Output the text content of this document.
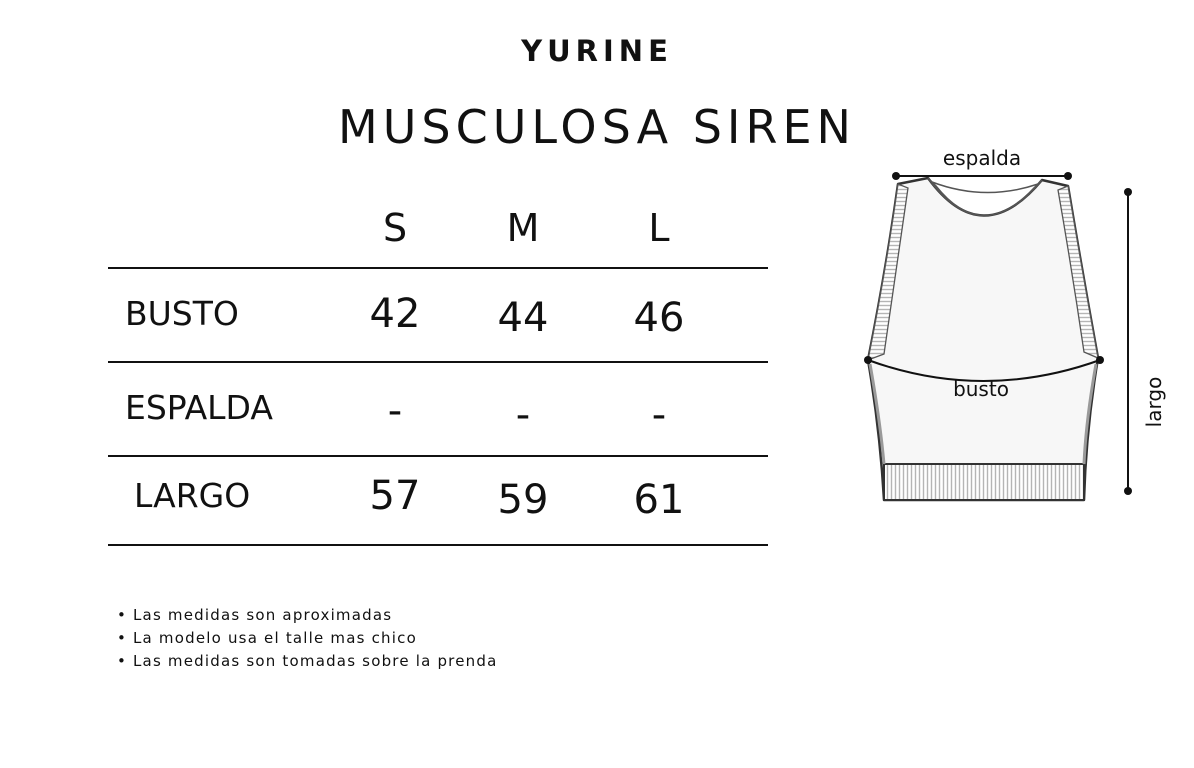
YURINE
MUSCULOSA SIREN
S	M	L
BUSTO	42	44	46
ESPALDA	-	-	-
LARGO	57	59	61
• Las medidas son aproximadas
• La modelo usa el talle mas chico
• Las medidas son tomadas sobre la prenda
espalda
busto	largo
